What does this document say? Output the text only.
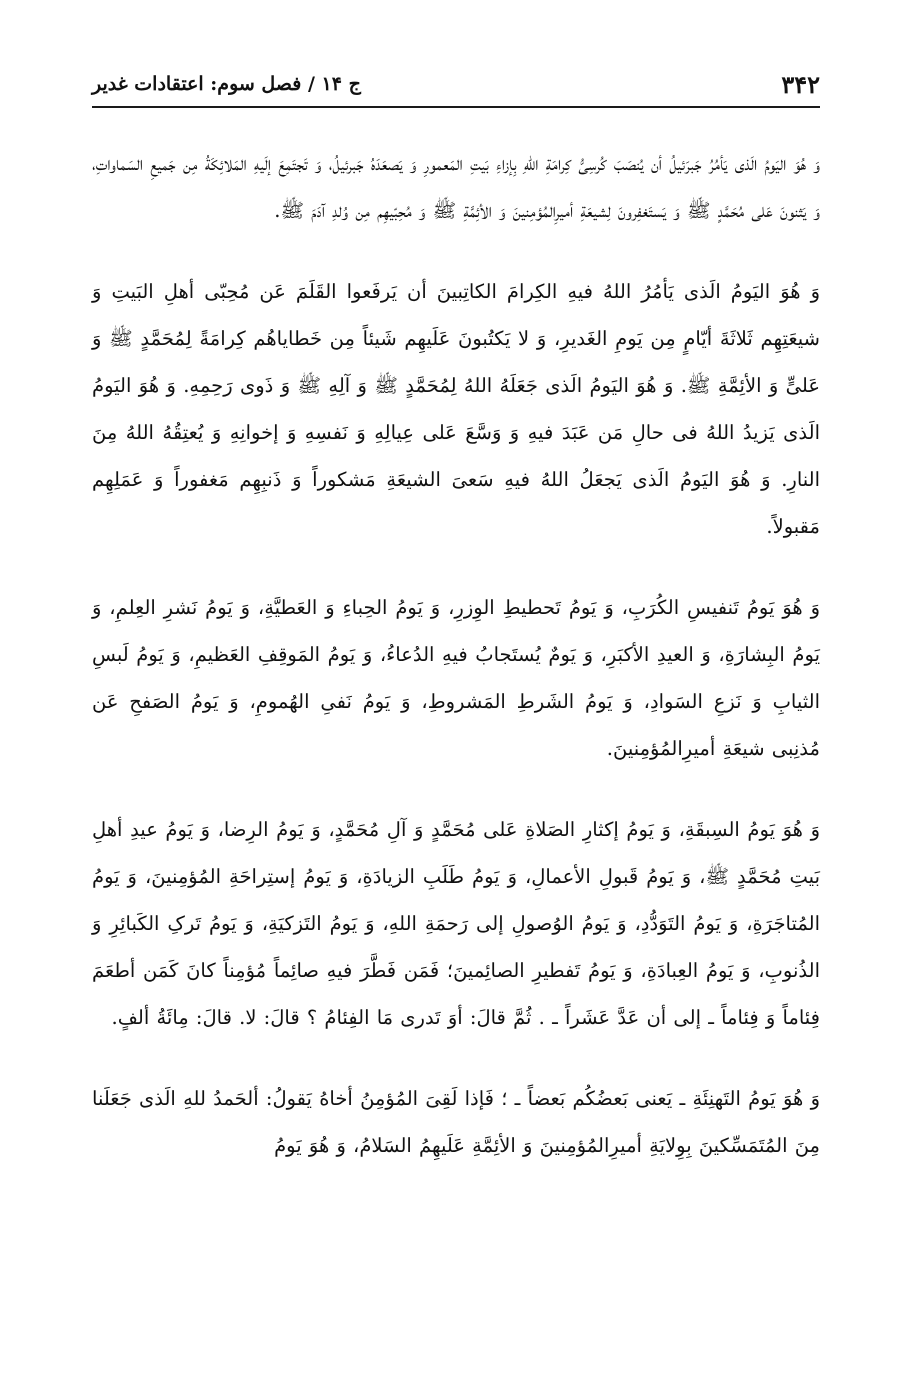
۳۴۲
ج ۱۴ / فصل سوم: اعتقادات غدیر

وَ هُوَ اليَومُ الَذی یَأمُرُ جَبرَئیلُ أن یُنصَبَ کُرسِیُّ کِرامَةِ اللهِ بِإزاءِ بَیتِ المَعمورِ وَ یَصعَدَهُ جَبرئیلُ، وَ تَجتَمِعَ إلَیهِ المَلائِکَةُ مِن جَمیعِ السَماواتِ، وَ یَثنونَ عَلی مُحَمَّدٍ ﷺ وَ یَستَغفِرونَ لِشیعَةِ أمیرِالمُؤمِنینَ وَ الأئِمَّةِ ﷺ وَ مُحِبّیهِم مِن وُلدِ آدَمَ ﷺ.

وَ هُوَ اليَومُ الَذی یَأمُرُ اللهُ فیهِ الکِرامَ الکاتِبینَ أن یَرفَعوا القَلَمَ عَن مُحِبّی أهلِ البَیتِ وَ شیعَتِهِم ثَلاثَةَ أیّامٍ مِن یَومِ الغَدیرِ، وَ لا یَکتُبونَ عَلَیهِم شَیئاً مِن خَطایاهُم کِرامَةً لِمُحَمَّدٍ ﷺ وَ عَلیٍّ وَ الأئِمَّةِ ﷺ. وَ هُوَ اليَومُ الَذی جَعَلَهُ اللهُ لِمُحَمَّدٍ ﷺ وَ آلِهِ ﷺ وَ ذَوی رَحِمِهِ. وَ هُوَ اليَومُ الَذی یَزیدُ اللهُ فی حالِ مَن عَبَدَ فیهِ وَ وَسَّعَ عَلی عِیالِهِ وَ نَفسِهِ وَ إخوانِهِ وَ یُعتِقُهُ اللهُ مِنَ النارِ. وَ هُوَ اليَومُ الَذی یَجعَلُ اللهُ فیهِ سَعیَ الشیعَةِ مَشکوراً وَ ذَنبِهِم مَغفوراً وَ عَمَلِهِم مَقبولاً.

وَ هُوَ یَومُ تَنفیسِ الکُرَبِ، وَ یَومُ تَحطیطِ الوِزرِ، وَ یَومُ الحِباءِ وَ العَطیَّةِ، وَ یَومُ نَشرِ العِلمِ، وَ یَومُ البِشارَةِ، وَ العیدِ الأکبَرِ، وَ یَومٌ یُستَجابُ فیهِ الدُعاءُ، وَ یَومُ المَوقِفِ العَظیمِ، وَ یَومُ لَبسِ الثیابِ وَ نَزعِ السَوادِ، وَ یَومُ الشَرطِ المَشروطِ، وَ یَومُ نَفیِ الهُمومِ، وَ یَومُ الصَفحِ عَن مُذنِبی شیعَةِ أمیرِالمُؤمِنینَ.

وَ هُوَ یَومُ السِبقَةِ، وَ یَومُ إکثارِ الصَلاةِ عَلی مُحَمَّدٍ وَ آلِ مُحَمَّدٍ، وَ یَومُ الرِضا، وَ یَومُ عیدِ أهلِ بَیتِ مُحَمَّدٍ ﷺ، وَ یَومُ قَبولِ الأعمالِ، وَ یَومُ طَلَبِ الزیادَةِ، وَ یَومُ إستِراحَةِ المُؤمِنینَ، وَ یَومُ المُتاجَرَةِ، وَ یَومُ التَوَدُّدِ، وَ یَومُ الوُصولِ إلی رَحمَةِ اللهِ، وَ یَومُ التَزکیَةِ، وَ یَومُ تَرکِ الکَبائِرِ وَ الذُنوبِ، وَ یَومُ العِبادَةِ، وَ یَومُ تَفطیرِ الصائِمینَ؛ فَمَن فَطَّرَ فیهِ صائِماً مُؤمِناً کانَ کَمَن أطعَمَ فِئاماً وَ فِئاماً ـ إلی أن عَدَّ عَشَراً ـ . ثُمَّ قالَ: أوَ تَدری مَا الفِئامُ ؟ قالَ: لا. قالَ: مِائَةُ ألفٍ.

وَ هُوَ یَومُ التَهنِئَةِ ـ یَعنی بَعضُکُم بَعضاً ـ ؛ فَإذا لَقِیَ المُؤمِنُ أخاهُ یَقولُ: ألحَمدُ للهِ الَذی جَعَلَنا مِنَ المُتَمَسِّکینَ بِوِلایَةِ أمیرِالمُؤمِنینَ وَ الأئِمَّةِ عَلَیهِمُ السَلامُ، وَ هُوَ یَومُ
